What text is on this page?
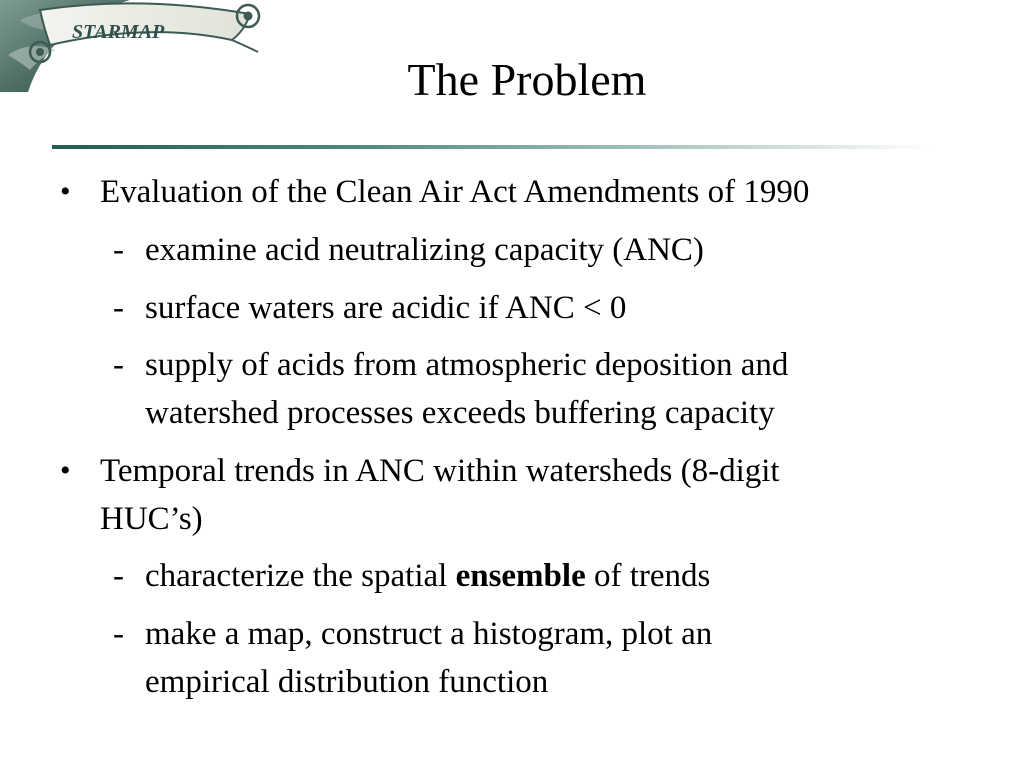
STARMAP
The Problem
• Evaluation of the Clean Air Act Amendments of 1990
- examine acid neutralizing capacity (ANC)
- surface waters are acidic if ANC < 0
- supply of acids from atmospheric deposition and
watershed processes exceeds buffering capacity
• Temporal trends in ANC within watersheds (8-digit
HUC’s)
- characterize the spatial ensemble of trends
- make a map, construct a histogram, plot an
empirical distribution function
